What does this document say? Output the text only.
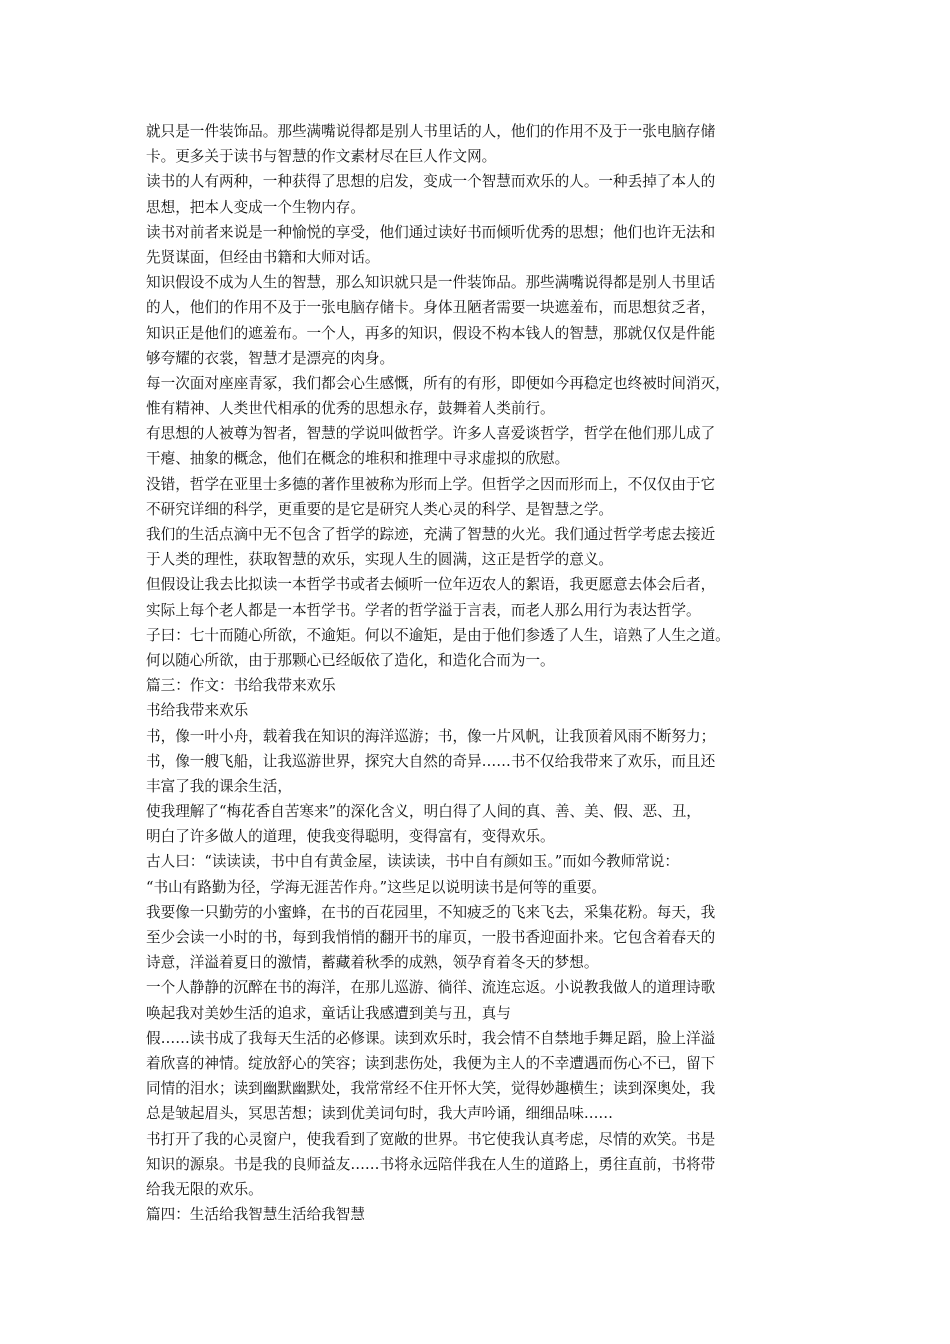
就只是一件装饰品。那些满嘴说得都是别人书里话的人，他们的作用不及于一张电脑存储
卡。更多关于读书与智慧的作文素材尽在巨人作文网。
读书的人有两种，一种获得了思想的启发，变成一个智慧而欢乐的人。一种丢掉了本人的
思想，把本人变成一个生物内存。
读书对前者来说是一种愉悦的享受，他们通过读好书而倾听优秀的思想；他们也许无法和
先贤谋面，但经由书籍和大师对话。
知识假设不成为人生的智慧，那么知识就只是一件装饰品。那些满嘴说得都是别人书里话
的人，他们的作用不及于一张电脑存储卡。身体丑陋者需要一块遮羞布，而思想贫乏者，
知识正是他们的遮羞布。一个人，再多的知识，假设不构本钱人的智慧，那就仅仅是件能
够夸耀的衣裳，智慧才是漂亮的肉身。
每一次面对座座青冢，我们都会心生感慨，所有的有形，即便如今再稳定也终被时间消灭，
惟有精神、人类世代相承的优秀的思想永存，鼓舞着人类前行。
有思想的人被尊为智者，智慧的学说叫做哲学。许多人喜爱谈哲学，哲学在他们那儿成了
干瘪、抽象的概念，他们在概念的堆积和推理中寻求虚拟的欣慰。
没错，哲学在亚里士多德的著作里被称为形而上学。但哲学之因而形而上，不仅仅由于它
不研究详细的科学，更重要的是它是研究人类心灵的科学、是智慧之学。
我们的生活点滴中无不包含了哲学的踪迹，充满了智慧的火光。我们通过哲学考虑去接近
于人类的理性，获取智慧的欢乐，实现人生的圆满，这正是哲学的意义。
但假设让我去比拟读一本哲学书或者去倾听一位年迈农人的絮语，我更愿意去体会后者，
实际上每个老人都是一本哲学书。学者的哲学溢于言表，而老人那么用行为表达哲学。
子曰：七十而随心所欲，不逾矩。何以不逾矩，是由于他们参透了人生，谙熟了人生之道。
何以随心所欲，由于那颗心已经皈依了造化，和造化合而为一。
篇三：作文：书给我带来欢乐
书给我带来欢乐
书，像一叶小舟，载着我在知识的海洋巡游；书，像一片风帆，让我顶着风雨不断努力；
书，像一艘飞船，让我巡游世界，探究大自然的奇异……书不仅给我带来了欢乐，而且还
丰富了我的课余生活，
使我理解了“梅花香自苦寒来”的深化含义，明白得了人间的真、善、美、假、恶、丑，
明白了许多做人的道理，使我变得聪明，变得富有，变得欢乐。
古人曰：“读读读，书中自有黄金屋，读读读，书中自有颜如玉。”而如今教师常说：
“书山有路勤为径，学海无涯苦作舟。”这些足以说明读书是何等的重要。
我要像一只勤劳的小蜜蜂，在书的百花园里，不知疲乏的飞来飞去，采集花粉。每天，我
至少会读一小时的书，每到我悄悄的翻开书的扉页，一股书香迎面扑来。它包含着春天的
诗意，洋溢着夏日的激情，蓄藏着秋季的成熟，领孕育着冬天的梦想。
一个人静静的沉醉在书的海洋，在那儿巡游、徜徉、流连忘返。小说教我做人的道理诗歌
唤起我对美妙生活的追求，童话让我感遭到美与丑，真与
假……读书成了我每天生活的必修课。读到欢乐时，我会情不自禁地手舞足蹈，脸上洋溢
着欣喜的神情。绽放舒心的笑容；读到悲伤处，我便为主人的不幸遭遇而伤心不已，留下
同情的泪水；读到幽默幽默处，我常常经不住开怀大笑，觉得妙趣横生；读到深奥处，我
总是皱起眉头，冥思苦想；读到优美词句时，我大声吟诵，细细品味……
书打开了我的心灵窗户，使我看到了宽敞的世界。书它使我认真考虑，尽情的欢笑。书是
知识的源泉。书是我的良师益友……书将永远陪伴我在人生的道路上，勇往直前，书将带
给我无限的欢乐。
篇四：生活给我智慧生活给我智慧
